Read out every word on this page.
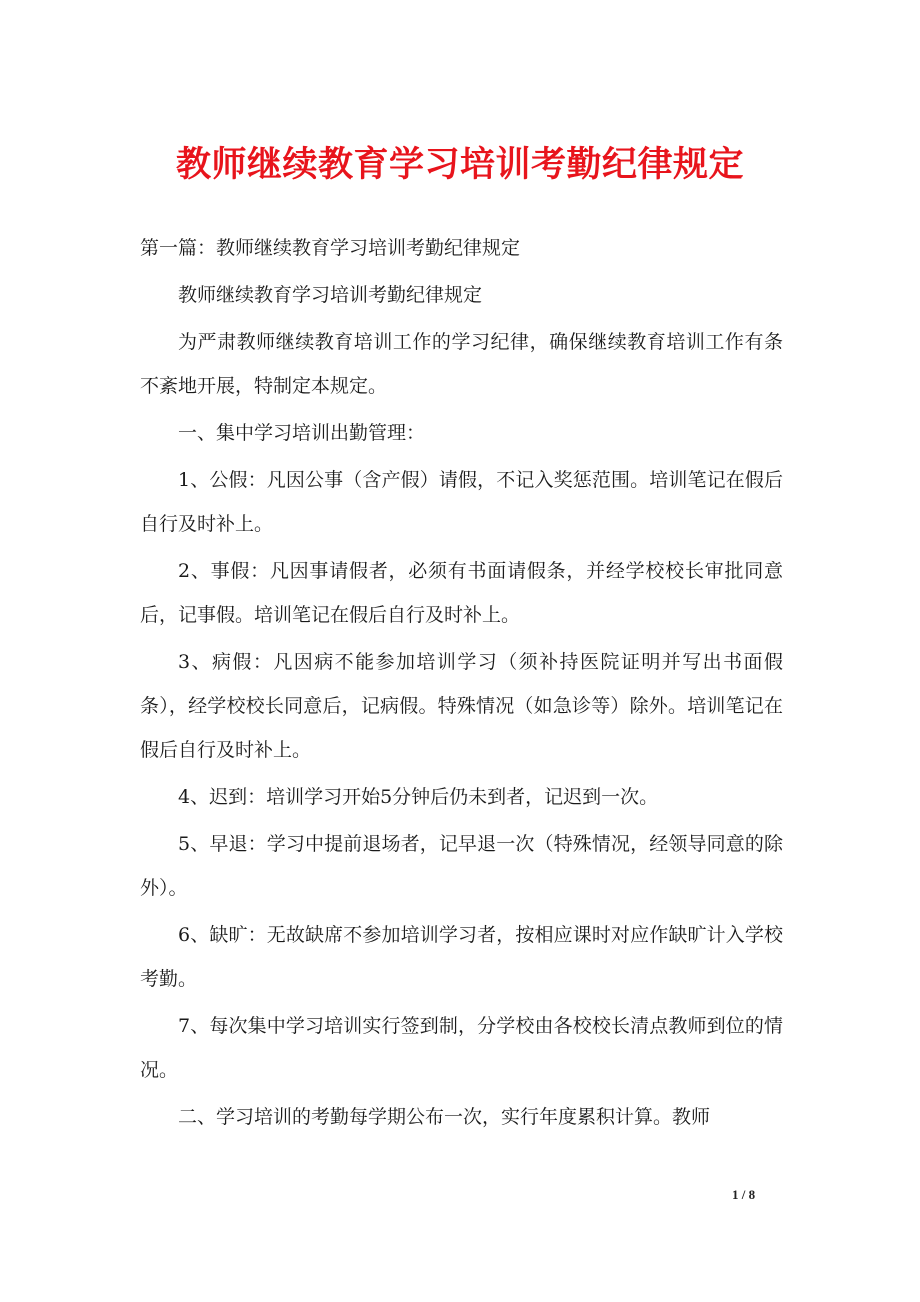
教师继续教育学习培训考勤纪律规定

第一篇：教师继续教育学习培训考勤纪律规定

教师继续教育学习培训考勤纪律规定

为严肃教师继续教育培训工作的学习纪律，确保继续教育培训工作有条不紊地开展，特制定本规定。

一、集中学习培训出勤管理：

1、公假：凡因公事（含产假）请假，不记入奖惩范围。培训笔记在假后自行及时补上。

2、事假：凡因事请假者，必须有书面请假条，并经学校校长审批同意后，记事假。培训笔记在假后自行及时补上。

3、病假：凡因病不能参加培训学习（须补持医院证明并写出书面假条），经学校校长同意后，记病假。特殊情况（如急诊等）除外。培训笔记在假后自行及时补上。

4、迟到：培训学习开始5分钟后仍未到者，记迟到一次。

5、早退：学习中提前退场者，记早退一次（特殊情况，经领导同意的除外）。

6、缺旷：无故缺席不参加培训学习者，按相应课时对应作缺旷计入学校考勤。

7、每次集中学习培训实行签到制，分学校由各校校长清点教师到位的情况。

二、学习培训的考勤每学期公布一次，实行年度累积计算。教师

1 / 8
